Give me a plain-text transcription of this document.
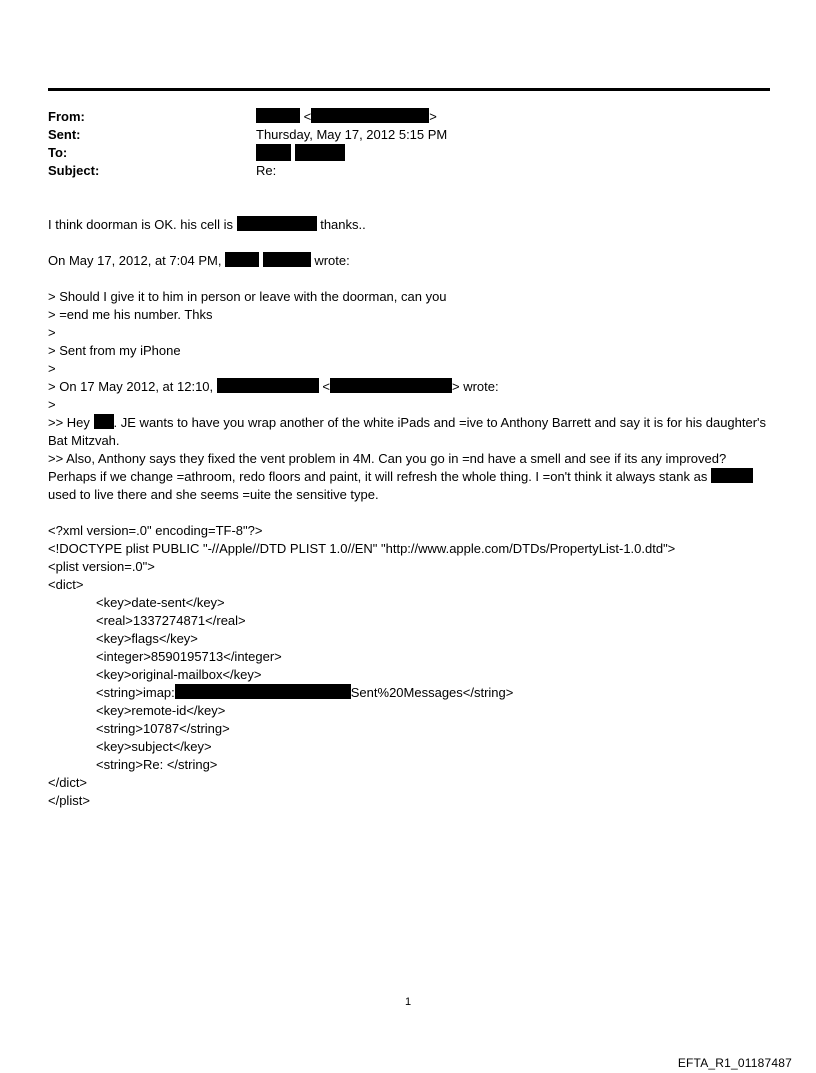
From:	<	>
Sent:	Thursday, May 17, 2012 5:15 PM
To:

Subject:	Re:
I think doorman is OK. his cell is	thanks..
On May 17, 2012, at 7:04 PM,	wrote:
> Should I give it to him in person or leave with the doorman, can you
> =end me his number. Thks
>
> Sent from my iPhone
>
> On 17 May 2012, at 12:10,	<	> wrote:
>
>> Hey . JE wants to have you wrap another of the white iPads and =ive to Anthony Barrett and say it is for his daughter's Bat Mitzvah.
>> Also, Anthony says they fixed the vent problem in 4M. Can you go in =nd have a smell and see if its any improved? Perhaps if we change =athroom, redo floors and paint, it will refresh the whole thing. I =on't think it always stank as  used to live there and she seems =uite the sensitive type.
<?xml version=.0" encoding=TF-8"?>
<!DOCTYPE plist PUBLIC "-//Apple//DTD PLIST 1.0//EN" "http://www.apple.com/DTDs/PropertyList-1.0.dtd">
<plist version=.0">
<dict>
<key>date-sent</key>
<real>1337274871</real>
<key>flags</key>
<integer>8590195713</integer>
<key>original-mailbox</key>
<string>imap:	Sent%20Messages</string>
<key>remote-id</key>
<string>10787</string>
<key>subject</key>
<string>Re: </string>
</dict>
</plist>
1
EFTA_R1_01187487
